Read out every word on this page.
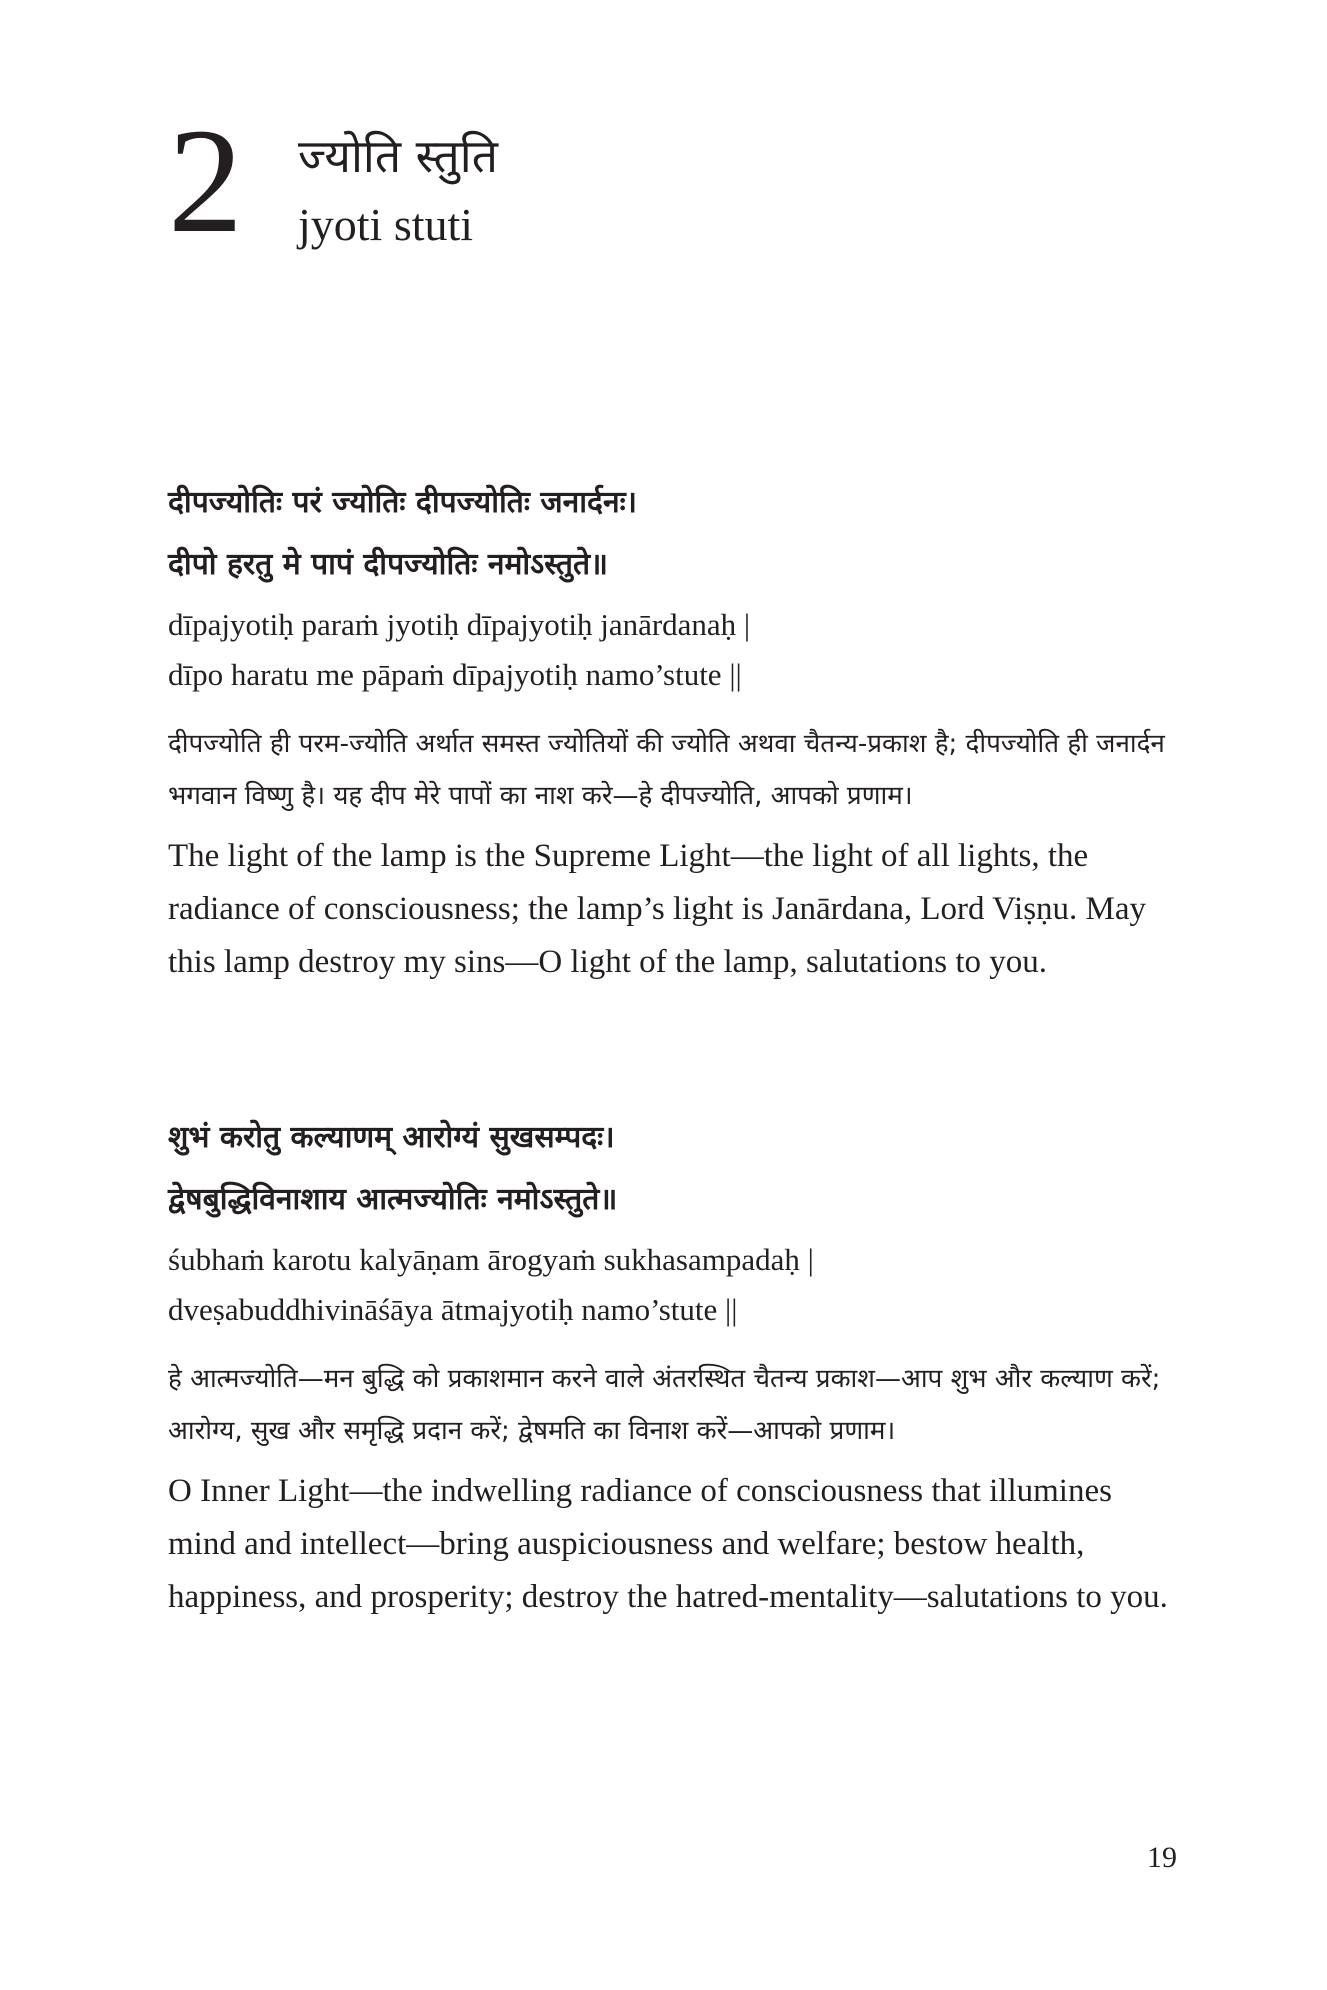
2 ज्योति स्तुति
jyoti stuti
दीपज्योतिः परं ज्योतिः दीपज्योतिः जनार्दनः।
दीपो हरतु मे पापं दीपज्योतिः नमोऽस्तुते॥
dīpajyotiḥ paraṁ jyotiḥ dīpajyotiḥ janārdanaḥ |
dīpo haratu me pāpaṁ dīpajyotiḥ namo’stute ||

दीपज्योति ही परम-ज्योति अर्थात समस्त ज्योतियों की ज्योति अथवा चैतन्य-प्रकाश है; दीपज्योति ही जनार्दन भगवान विष्णु है। यह दीप मेरे पापों का नाश करे—हे दीपज्योति, आपको प्रणाम।

The light of the lamp is the Supreme Light—the light of all lights, the radiance of consciousness; the lamp’s light is Janārdana, Lord Viṣṇu. May this lamp destroy my sins—O light of the lamp, salutations to you.

शुभं करोतु कल्याणम् आरोग्यं सुखसम्पदः।
द्वेषबुद्धिविनाशाय आत्मज्योतिः नमोऽस्तुते॥
śubhaṁ karotu kalyāṇam ārogyaṁ sukhasampadaḥ |
dveṣabuddhivināśāya ātmajyotiḥ namo’stute ||

हे आत्मज्योति—मन बुद्धि को प्रकाशमान करने वाले अंतरस्थित चैतन्य प्रकाश—आप शुभ और कल्याण करें; आरोग्य, सुख और समृद्धि प्रदान करें; द्वेषमति का विनाश करें—आपको प्रणाम।

O Inner Light—the indwelling radiance of consciousness that illumines mind and intellect—bring auspiciousness and welfare; bestow health, happiness, and prosperity; destroy the hatred-mentality—salutations to you.

19
